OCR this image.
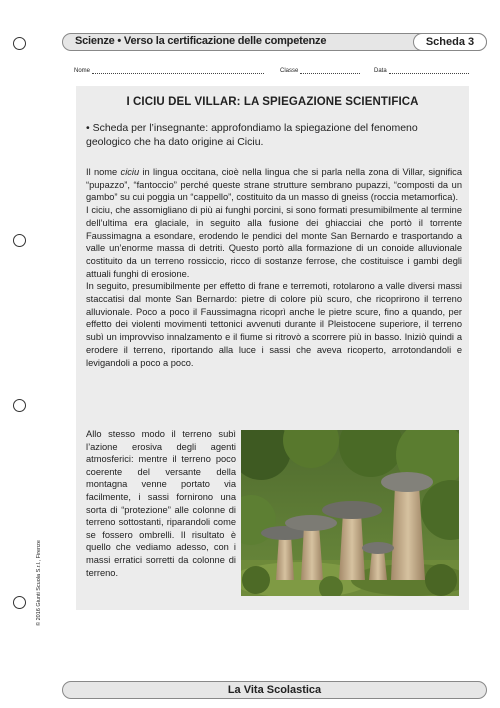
Scienze • Verso la certificazione delle competenze	Scheda 3
Nome	Classe	Data
I CICIU DEL VILLAR: LA SPIEGAZIONE SCIENTIFICA
• Scheda per l’insegnante: approfondiamo la spiegazione del fenomeno geologico che ha dato origine ai Ciciu.

Il nome ciciu in lingua occitana, cioè nella lingua che si parla nella zona di Villar, significa “pupazzo”, “fantoccio” perché queste strane strutture sembrano pupazzi, “composti da un gambo” su cui poggia un “cappello”, costituito da un masso di gneiss (roccia metamorfica).

I ciciu, che assomigliano di più ai funghi porcini, si sono formati presumibilmente al termine dell’ultima era glaciale, in seguito alla fusione dei ghiacciai che portò il torrente Faussimagna a esondare, erodendo le pendici del monte San Bernardo e trasportando a valle un’enorme massa di detriti. Questo portò alla formazione di un conoide alluvionale costituito da un terreno rossiccio, ricco di sostanze ferrose, che costituisce i gambi degli attuali funghi di erosione.

In seguito, presumibilmente per effetto di frane e terremoti, rotolarono a valle diversi massi staccatisi dal monte San Bernardo: pietre di colore più scuro, che ricoprirono il terreno alluvionale. Poco a poco il Faussimagna ricoprì anche le pietre scure, fino a quando, per effetto dei violenti movimenti tettonici avvenuti durante il Pleistocene superiore, il terreno subì un improvviso innalzamento e il fiume si ritrovò a scorrere più in basso. Iniziò quindi a erodere il terreno, riportando alla luce i sassi che aveva ricoperto, arrotondandoli e levigandoli a poco a poco.

Allo stesso modo il terreno subì l’azione erosiva degli agenti atmosferici: mentre il terreno poco coerente del versante della montagna venne portato via facilmente, i sassi fornirono una sorta di “protezione” alle colonne di terreno sottostanti, riparandoli come se fossero ombrelli. Il risultato è quello che vediamo adesso, con i massi erratici sorretti da colonne di terreno.
© 2016 Giunti Scuola S.r.l., Firenze
La Vita Scolastica
